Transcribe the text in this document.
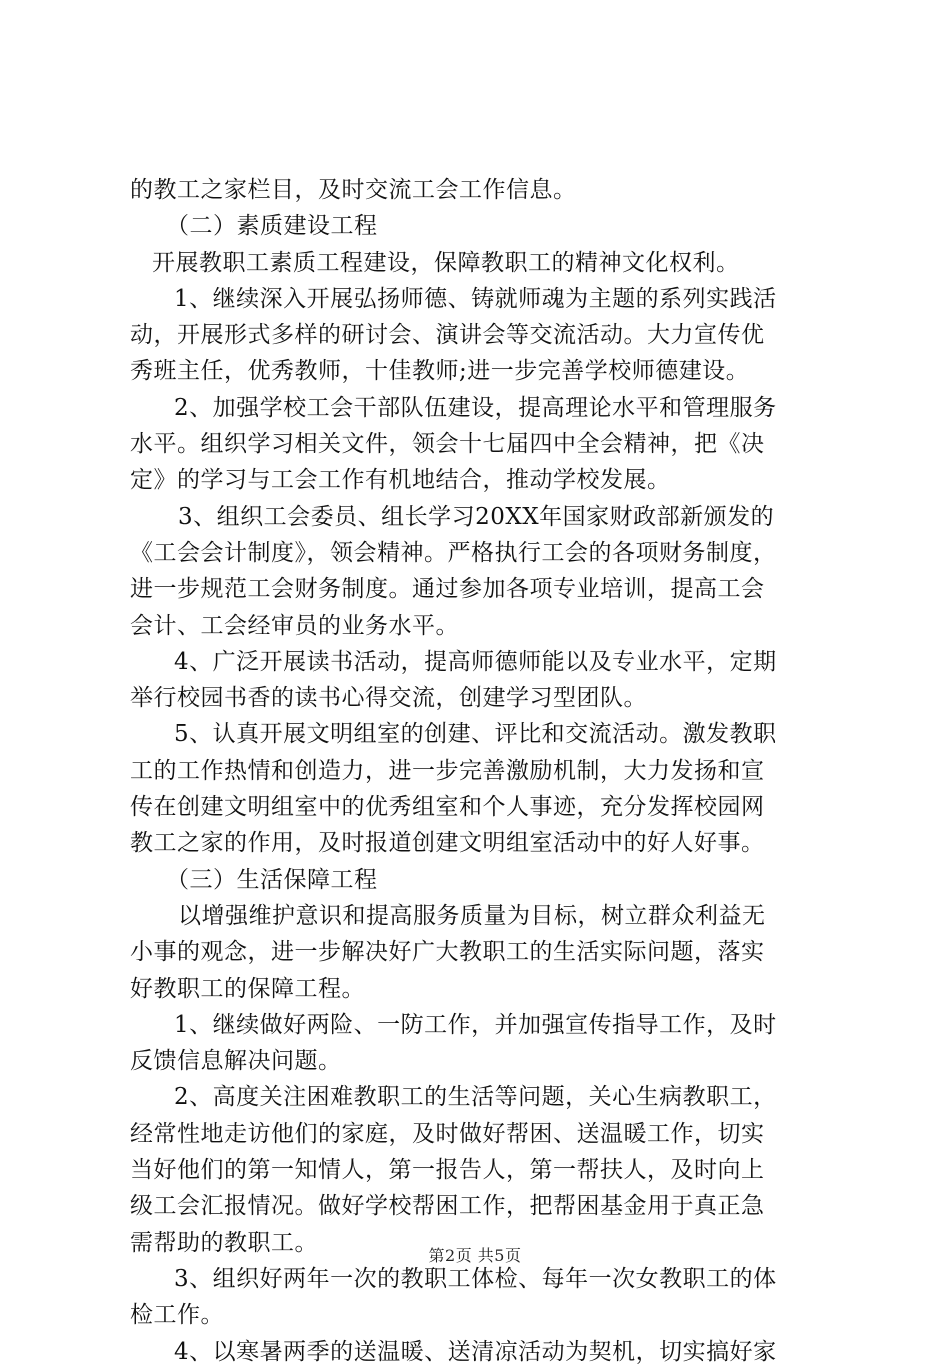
的教工之家栏目，及时交流工会工作信息。
（二）素质建设工程
开展教职工素质工程建设，保障教职工的精神文化权利。
1、继续深入开展弘扬师德、铸就师魂为主题的系列实践活
动，开展形式多样的研讨会、演讲会等交流活动。大力宣传优
秀班主任，优秀教师，十佳教师;进一步完善学校师德建设。
2、加强学校工会干部队伍建设，提高理论水平和管理服务
水平。组织学习相关文件，领会十七届四中全会精神，把《决
定》的学习与工会工作有机地结合，推动学校发展。
3、组织工会委员、组长学习20XX年国家财政部新颁发的
《工会会计制度》，领会精神。严格执行工会的各项财务制度，
进一步规范工会财务制度。通过参加各项专业培训，提高工会
会计、工会经审员的业务水平。
4、广泛开展读书活动，提高师德师能以及专业水平，定期
举行校园书香的读书心得交流，创建学习型团队。
5、认真开展文明组室的创建、评比和交流活动。激发教职
工的工作热情和创造力，进一步完善激励机制，大力发扬和宣
传在创建文明组室中的优秀组室和个人事迹，充分发挥校园网
教工之家的作用，及时报道创建文明组室活动中的好人好事。
（三）生活保障工程
以增强维护意识和提高服务质量为目标，树立群众利益无
小事的观念，进一步解决好广大教职工的生活实际问题，落实
好教职工的保障工程。
1、继续做好两险、一防工作，并加强宣传指导工作，及时
反馈信息解决问题。
2、高度关注困难教职工的生活等问题，关心生病教职工，
经常性地走访他们的家庭，及时做好帮困、送温暖工作，切实
当好他们的第一知情人，第一报告人，第一帮扶人，及时向上
级工会汇报情况。做好学校帮困工作，把帮困基金用于真正急
需帮助的教职工。
3、组织好两年一次的教职工体检、每年一次女教职工的体
检工作。
4、以寒暑两季的送温暖、送清凉活动为契机，切实搞好家
第2页 共5页
